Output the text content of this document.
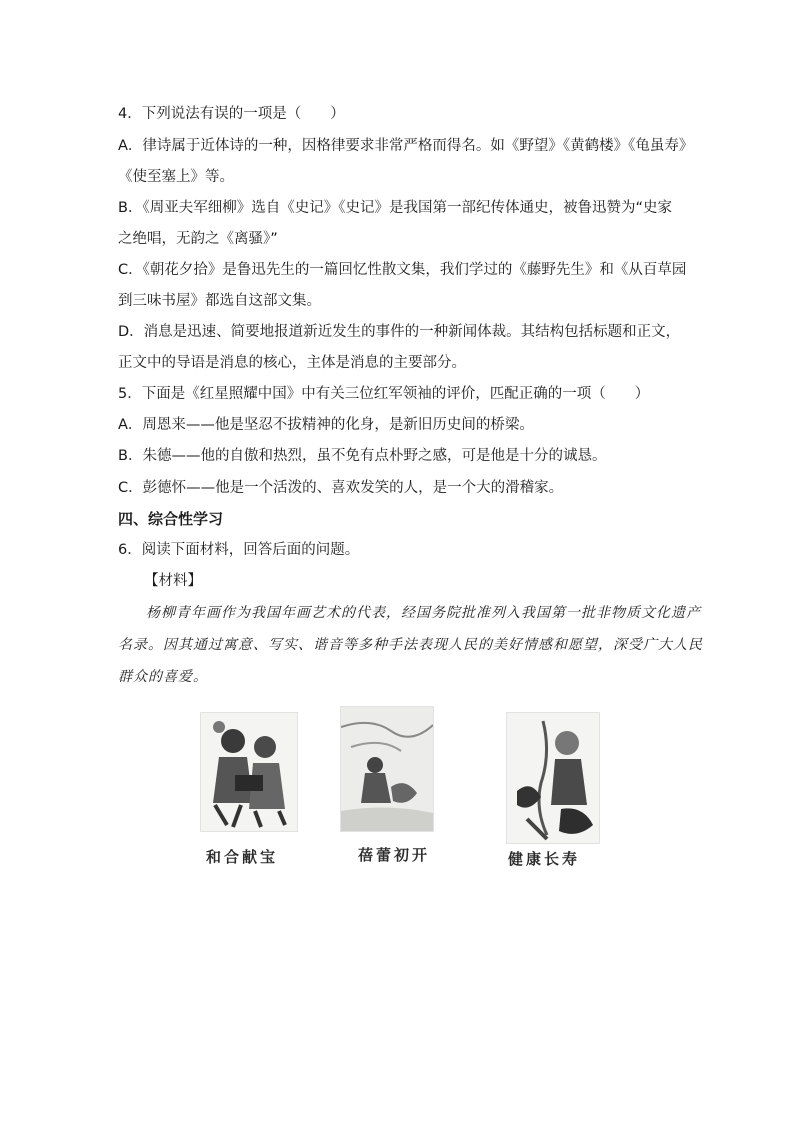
4．下列说法有误的一项是（　　）
A．律诗属于近体诗的一种，因格律要求非常严格而得名。如《野望》《黄鹤楼》《龟虽寿》
《使至塞上》等。
B．《周亚夫军细柳》选自《史记》《史记》是我国第一部纪传体通史，被鲁迅赞为“史家
之绝唱，无韵之《离骚》”
C．《朝花夕拾》是鲁迅先生的一篇回忆性散文集，我们学过的《藤野先生》和《从百草园
到三味书屋》都选自这部文集。
D．消息是迅速、简要地报道新近发生的事件的一种新闻体裁。其结构包括标题和正文，
正文中的导语是消息的核心，主体是消息的主要部分。
5．下面是《红星照耀中国》中有关三位红军领袖的评价，匹配正确的一项（　　）
A．周恩来——他是坚忍不拔精神的化身，是新旧历史间的桥梁。
B．朱德——他的自傲和热烈，虽不免有点朴野之感，可是他是十分的诚恳。
C．彭德怀——他是一个活泼的、喜欢发笑的人，是一个大的滑稽家。
四、综合性学习
6．阅读下面材料，回答后面的问题。
【材料】
杨柳青年画作为我国年画艺术的代表，经国务院批准列入我国第一批非物质文化遗产
名录。因其通过寓意、写实、谐音等多种手法表现人民的美好情感和愿望，深受广大人民
群众的喜爱。
和合献宝	蓓蕾初开	健康长寿
